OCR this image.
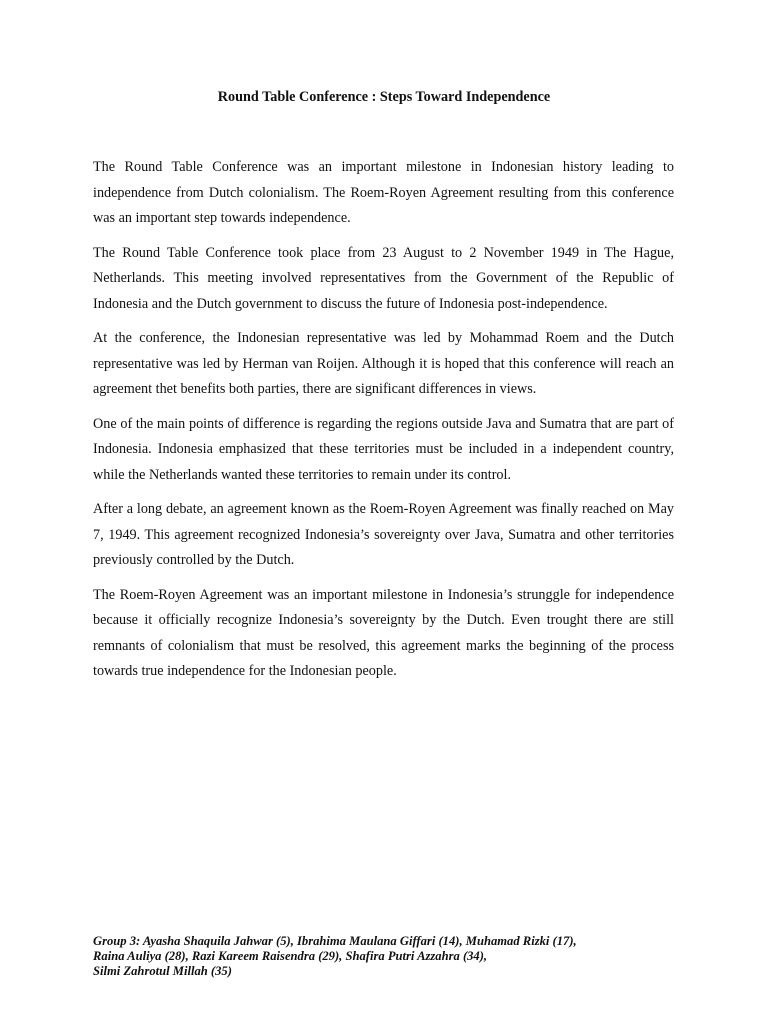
Round Table Conference : Steps Toward Independence

The Round Table Conference was an important milestone in Indonesian history leading to independence from Dutch colonialism. The Roem-Royen Agreement resulting from this conference was an important step towards independence.

The Round Table Conference took place from 23 August to 2 November 1949 in The Hague, Netherlands. This meeting involved representatives from the Government of the Republic of Indonesia and the Dutch government to discuss the future of Indonesia post-independence.

At the conference, the Indonesian representative was led by Mohammad Roem and the Dutch representative was led by Herman van Roijen. Although it is hoped that this conference will reach an agreement thet benefits both parties, there are significant differences in views.

One of the main points of difference is regarding the regions outside Java and Sumatra that are part of Indonesia. Indonesia emphasized that these territories must be included in a independent country, while the Netherlands wanted these territories to remain under its control.

After a long debate, an agreement known as the Roem-Royen Agreement was finally reached on May 7, 1949. This agreement recognized Indonesia’s sovereignty over Java, Sumatra and other territories previously controlled by the Dutch.

The Roem-Royen Agreement was an important milestone in Indonesia’s strunggle for independence because it officially recognize Indonesia’s sovereignty by the Dutch. Even trought there are still remnants of colonialism that must be resolved, this agreement marks the beginning of the process towards true independence for the Indonesian people.

Group 3: Ayasha Shaquila Jahwar (5), Ibrahima Maulana Giffari (14), Muhamad Rizki (17),
Raina Auliya (28), Razi Kareem Raisendra (29), Shafira Putri Azzahra (34),
Silmi Zahrotul Millah (35)
